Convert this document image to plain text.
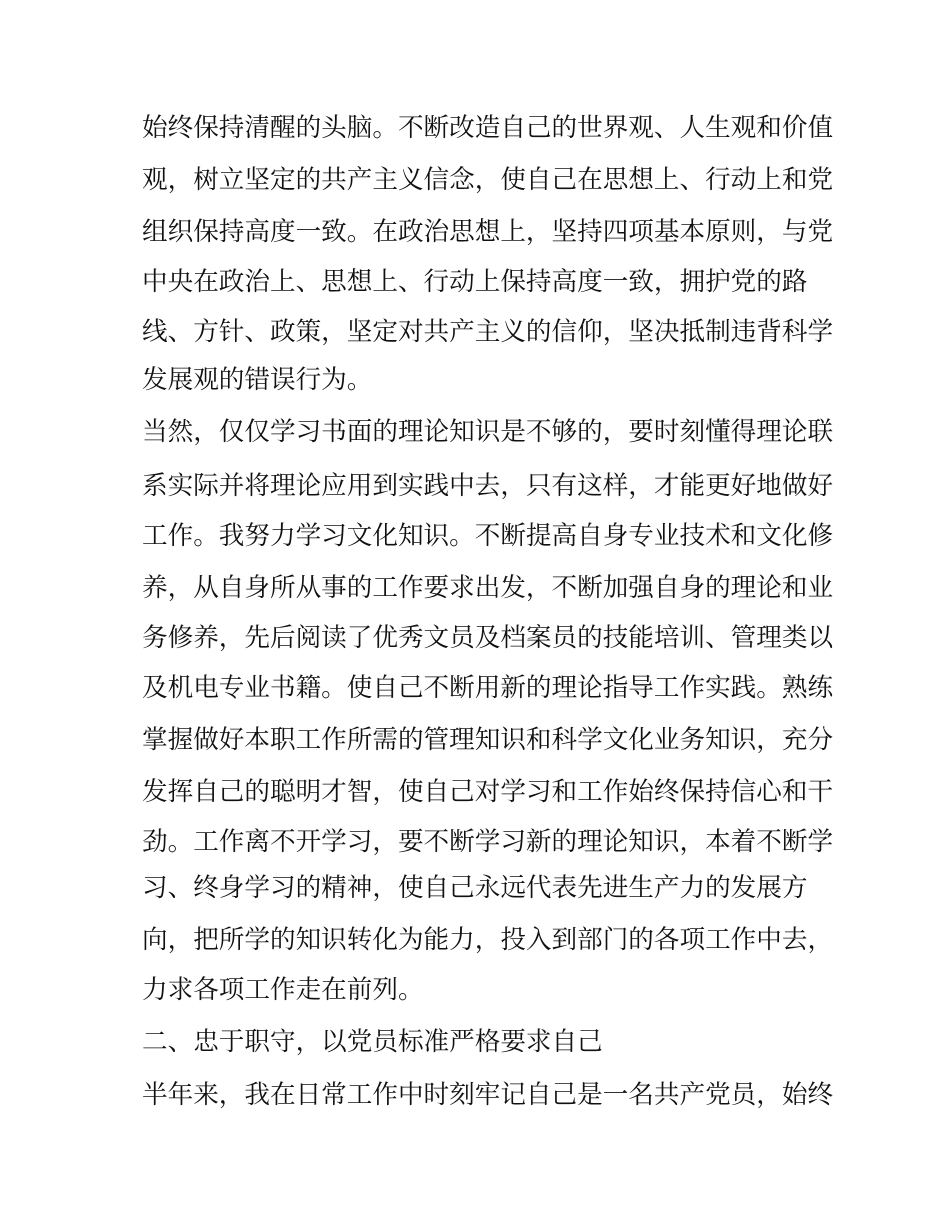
始终保持清醒的头脑。不断改造自己的世界观、人生观和价值
观，树立坚定的共产主义信念，使自己在思想上、行动上和党
组织保持高度一致。在政治思想上，坚持四项基本原则，与党
中央在政治上、思想上、行动上保持高度一致，拥护党的路
线、方针、政策，坚定对共产主义的信仰，坚决抵制违背科学
发展观的错误行为。
当然，仅仅学习书面的理论知识是不够的，要时刻懂得理论联
系实际并将理论应用到实践中去，只有这样，才能更好地做好
工作。我努力学习文化知识。不断提高自身专业技术和文化修
养，从自身所从事的工作要求出发，不断加强自身的理论和业
务修养，先后阅读了优秀文员及档案员的技能培训、管理类以
及机电专业书籍。使自己不断用新的理论指导工作实践。熟练
掌握做好本职工作所需的管理知识和科学文化业务知识，充分
发挥自己的聪明才智，使自己对学习和工作始终保持信心和干
劲。工作离不开学习，要不断学习新的理论知识，本着不断学
习、终身学习的精神，使自己永远代表先进生产力的发展方
向，把所学的知识转化为能力，投入到部门的各项工作中去，
力求各项工作走在前列。
二、忠于职守，以党员标准严格要求自己
半年来，我在日常工作中时刻牢记自己是一名共产党员，始终
